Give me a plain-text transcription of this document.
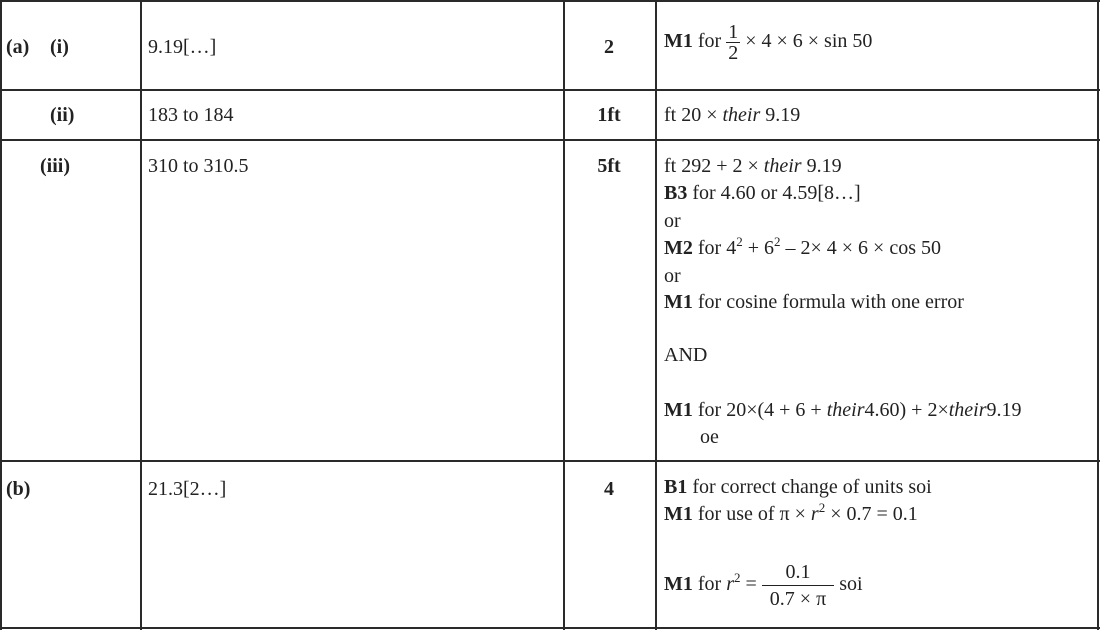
(a) (i)	9.19[…]	2	M1 for $\frac{1}{2} \times 4 \times 6 \times \sin 50$
(ii)	183 to 184	1ft	ft 20 × their 9.19
(iii)	310 to 310.5	5ft	ft 292 + 2 × their 9.19
B3 for 4.60 or 4.59[8…]
or
M2 for $4^2 + 6^2 - 2\times 4 \times 6 \times \cos 50$
or
M1 for cosine formula with one error
AND
M1 for 20×(4 + 6 + their4.60) + 2×their9.19
oe
(b)	21.3[2…]	4	B1 for correct change of units soi
M1 for use of $\pi \times r^2 \times 0.7 = 0.1$
M1 for $r^2 = \frac{0.1}{0.7 \times \pi}$ soi
